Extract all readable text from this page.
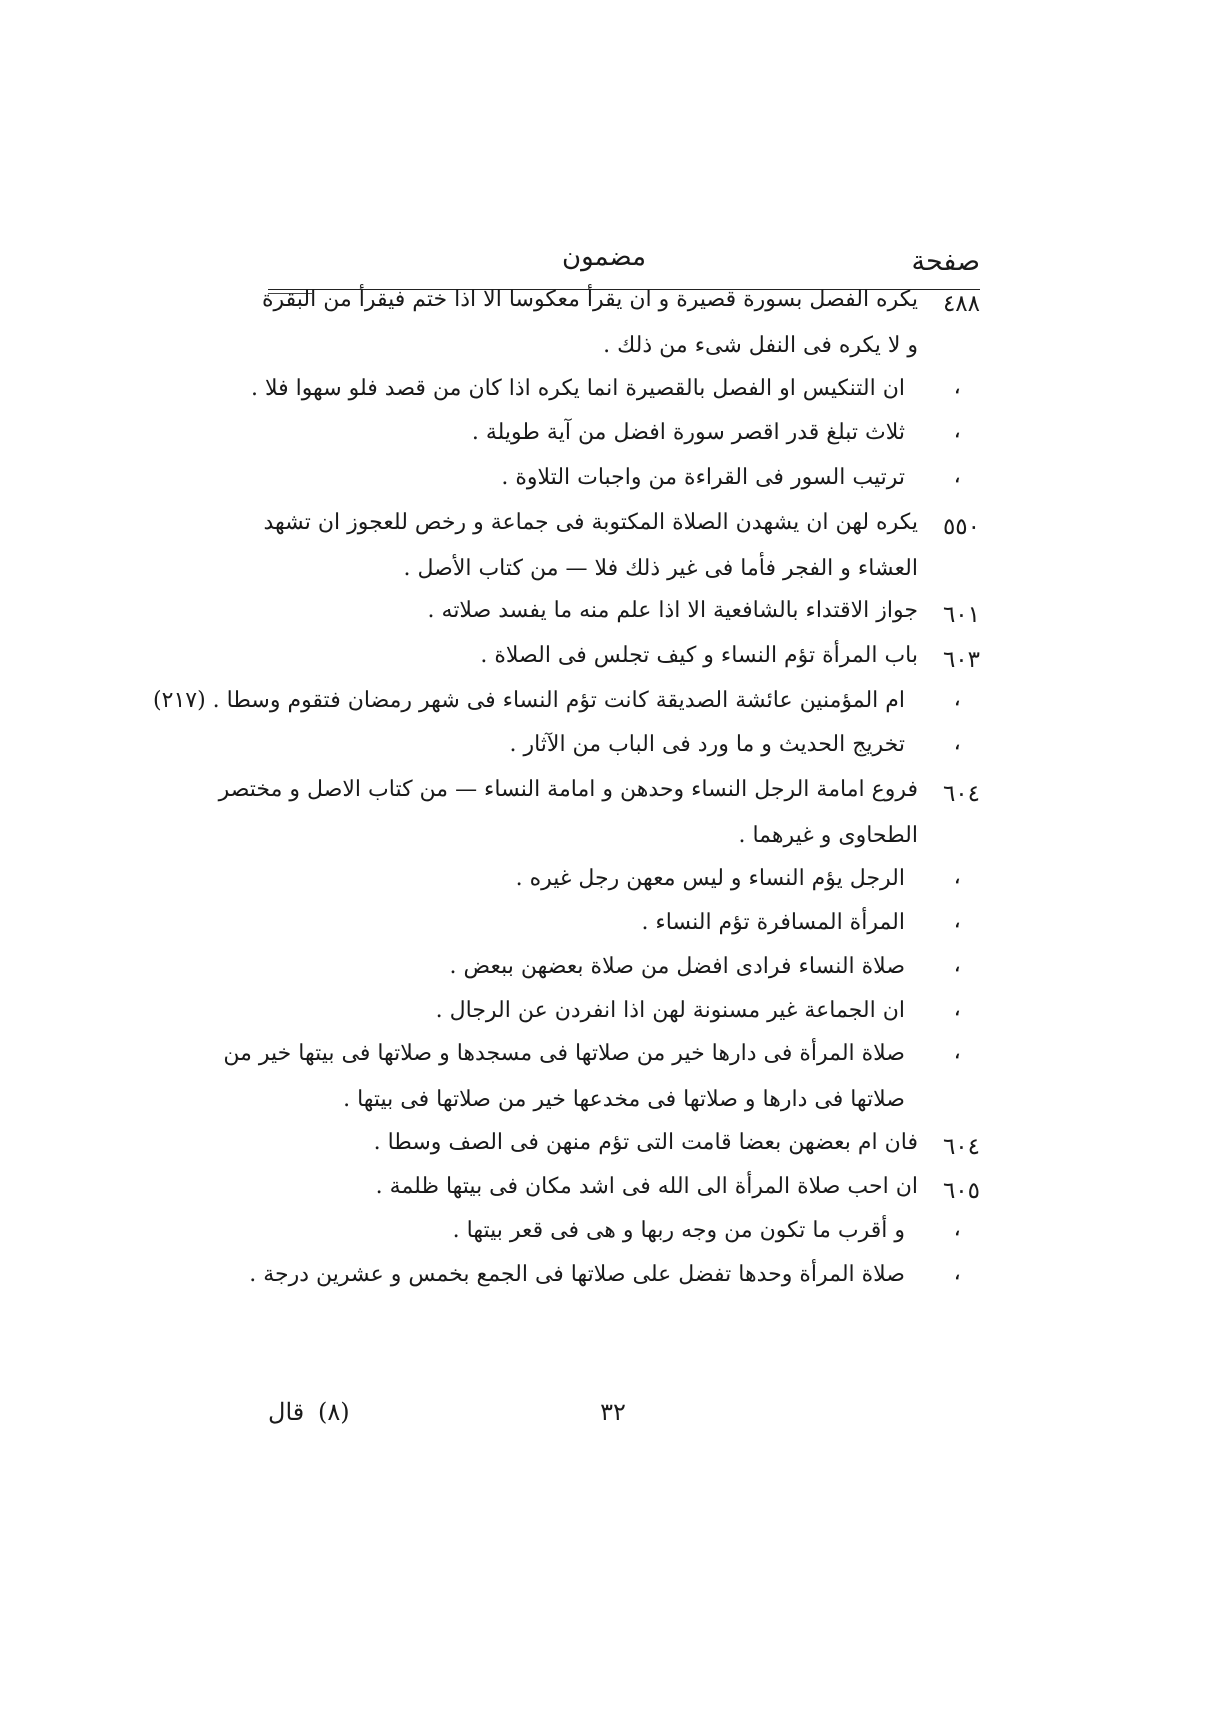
صفحة
مضمون
٤٨٨
يكره الفصل بسورة قصيرة و ان يقرأ معكوسا الا اذا ختم فيقرأ من البقرة
و لا يكره فى النفل شىء من ذلك .
،
ان التنكيس او الفصل بالقصيرة انما يكره اذا كان من قصد فلو سهوا فلا .
،
ثلاث تبلغ قدر اقصر سورة افضل من آية طويلة .
،
ترتيب السور فى القراءة من واجبات التلاوة .
٥٥٠
يكره لهن ان يشهدن الصلاة المكتوبة فى جماعة و رخص للعجوز ان تشهد
العشاء و الفجر فأما فى غير ذلك فلا — من كتاب الأصل .
٦٠١
جواز الاقتداء بالشافعية الا اذا علم منه ما يفسد صلاته .
٦٠٣
باب المرأة تؤم النساء و كيف تجلس فى الصلاة .
،
ام المؤمنين عائشة الصديقة كانت تؤم النساء فى شهر رمضان فتقوم وسطا . (٢١٧)
،
تخريج الحديث و ما ورد فى الباب من الآثار .
٦٠٤
فروع امامة الرجل النساء وحدهن و امامة النساء — من كتاب الاصل و مختصر
الطحاوى و غيرهما .
،
الرجل يؤم النساء و ليس معهن رجل غيره .
،
المرأة المسافرة تؤم النساء .
،
صلاة النساء فرادى افضل من صلاة بعضهن ببعض .
،
ان الجماعة غير مسنونة لهن اذا انفردن عن الرجال .
،
صلاة المرأة فى دارها خير من صلاتها فى مسجدها و صلاتها فى بيتها خير من
صلاتها فى دارها و صلاتها فى مخدعها خير من صلاتها فى بيتها .
٦٠٤
فان ام بعضهن بعضا قامت التى تؤم منهن فى الصف وسطا .
٦٠٥
ان احب صلاة المرأة الى الله فى اشد مكان فى بيتها ظلمة .
،
و أقرب ما تكون من وجه ربها و هى فى قعر بيتها .
،
صلاة المرأة وحدها تفضل على صلاتها فى الجمع بخمس و عشرين درجة .
٣٢
(٨)
قال
